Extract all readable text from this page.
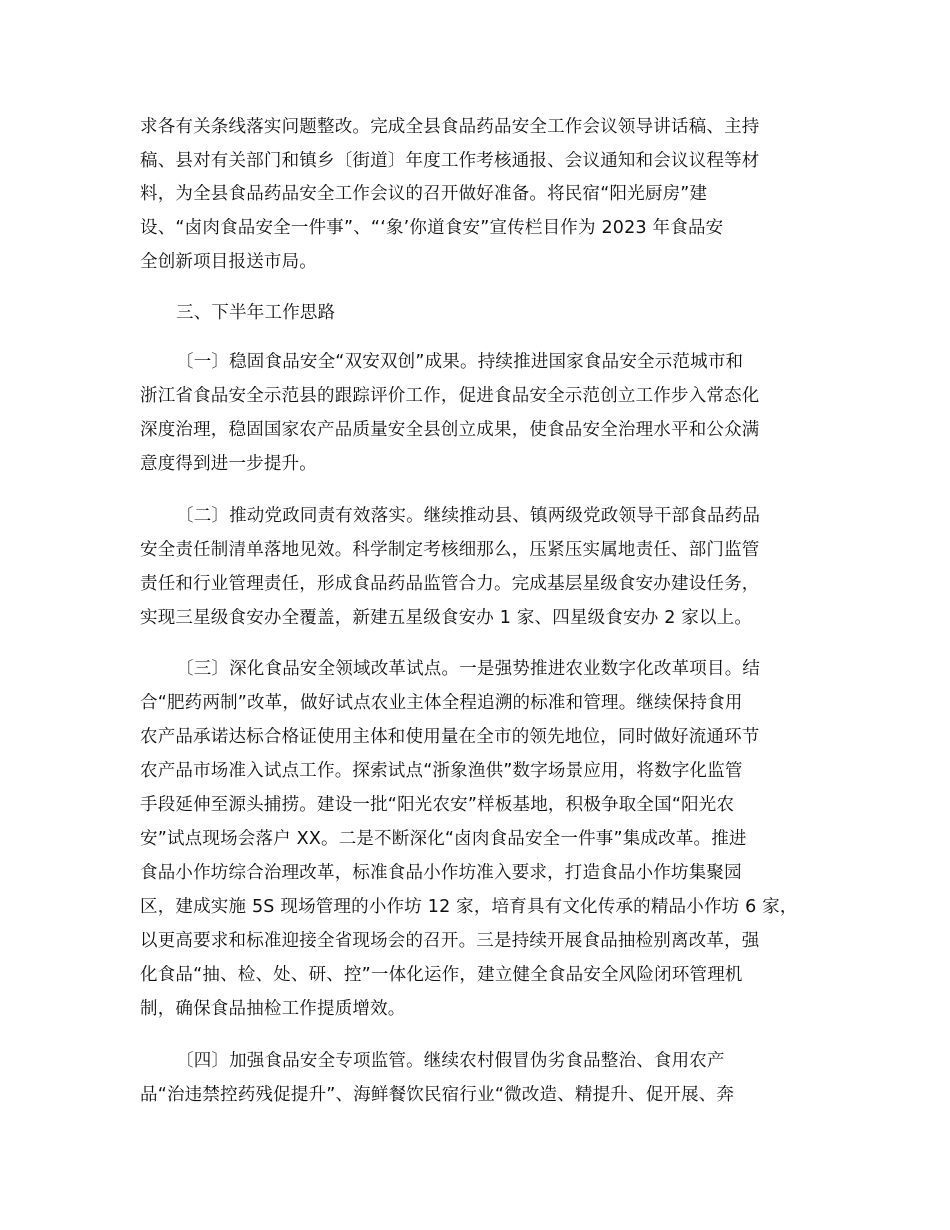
求各有关条线落实问题整改。完成全县食品药品安全工作会议领导讲话稿、主持
稿、县对有关部门和镇乡〔街道〕年度工作考核通报、会议通知和会议议程等材
料，为全县食品药品安全工作会议的召开做好准备。将民宿“阳光厨房”建
设、“卤肉食品安全一件事”、“‘象’你道食安”宣传栏目作为 2023 年食品安
全创新项目报送市局。
三、下半年工作思路
〔一〕稳固食品安全“双安双创”成果。持续推进国家食品安全示范城市和
浙江省食品安全示范县的跟踪评价工作，促进食品安全示范创立工作步入常态化
深度治理，稳固国家农产品质量安全县创立成果，使食品安全治理水平和公众满
意度得到进一步提升。
〔二〕推动党政同责有效落实。继续推动县、镇两级党政领导干部食品药品
安全责任制清单落地见效。科学制定考核细那么，压紧压实属地责任、部门监管
责任和行业管理责任，形成食品药品监管合力。完成基层星级食安办建设任务，
实现三星级食安办全覆盖，新建五星级食安办 1 家、四星级食安办 2 家以上。
〔三〕深化食品安全领域改革试点。一是强势推进农业数字化改革项目。结
合“肥药两制”改革，做好试点农业主体全程追溯的标准和管理。继续保持食用
农产品承诺达标合格证使用主体和使用量在全市的领先地位，同时做好流通环节
农产品市场准入试点工作。探索试点“浙象渔供”数字场景应用，将数字化监管
手段延伸至源头捕捞。建设一批“阳光农安”样板基地，积极争取全国“阳光农
安”试点现场会落户 XX。二是不断深化“卤肉食品安全一件事”集成改革。推进
食品小作坊综合治理改革，标准食品小作坊准入要求，打造食品小作坊集聚园
区，建成实施 5S 现场管理的小作坊 12 家，培育具有文化传承的精品小作坊 6 家，
以更高要求和标准迎接全省现场会的召开。三是持续开展食品抽检别离改革，强
化食品“抽、检、处、研、控”一体化运作，建立健全食品安全风险闭环管理机
制，确保食品抽检工作提质增效。
〔四〕加强食品安全专项监管。继续农村假冒伪劣食品整治、食用农产
品“治违禁控药残促提升”、海鲜餐饮民宿行业“微改造、精提升、促开展、奔
